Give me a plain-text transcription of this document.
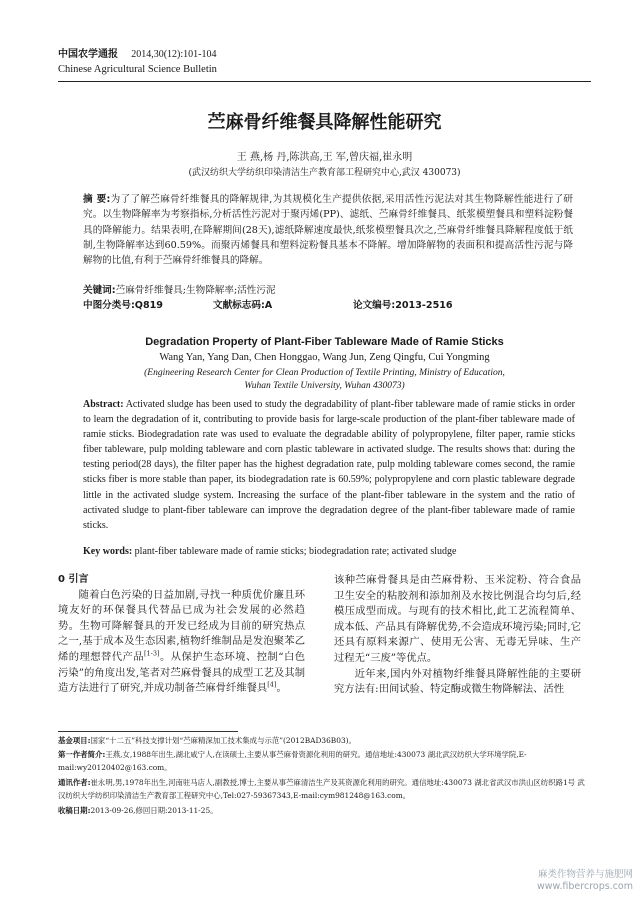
中国农学通报 2014,30(12):101-104
Chinese Agricultural Science Bulletin
苎麻骨纤维餐具降解性能研究
王 燕,杨 丹,陈洪高,王 军,曾庆福,崔永明
(武汉纺织大学纺织印染清洁生产教育部工程研究中心,武汉 430073)
摘 要:为了了解苎麻骨纤维餐具的降解规律,为其规模化生产提供依据,采用活性污泥法对其生物降解性能进行了研究。以生物降解率为考察指标,分析活性污泥对于聚丙烯(PP)、滤纸、苎麻骨纤维餐具、纸浆模塑餐具和塑料淀粉餐具的降解能力。结果表明,在降解期间(28天),滤纸降解速度最快,纸浆模塑餐具次之,苎麻骨纤维餐具降解程度低于纸制,生物降解率达到60.59%。而聚丙烯餐具和塑料淀粉餐具基本不降解。增加降解物的表面积和提高活性污泥与降解物的比值,有利于苎麻骨纤维餐具的降解。
关键词:苎麻骨纤维餐具;生物降解率;活性污泥
中图分类号:Q819	文献标志码:A	论文编号:2013-2516
Degradation Property of Plant-Fiber Tableware Made of Ramie Sticks
Wang Yan, Yang Dan, Chen Honggao, Wang Jun, Zeng Qingfu, Cui Yongming
(Engineering Research Center for Clean Production of Textile Printing, Ministry of Education,
Wuhan Textile University, Wuhan 430073)
Abstract: Activated sludge has been used to study the degradability of plant-fiber tableware made of ramie sticks in order to learn the degradation of it, contributing to provide basis for large-scale production of the plant-fiber tableware made of ramie sticks. Biodegradation rate was used to evaluate the degradable ability of polypropylene, filter paper, ramie sticks fiber tableware, pulp molding tableware and corn plastic tableware in activated sludge. The results shows that: during the testing period(28 days), the filter paper has the highest degradation rate, pulp molding tableware comes second, the ramie sticks fiber is more stable than paper, its biodegradation rate is 60.59%; polypropylene and corn plastic tableware degrade little in the activated sludge system. Increasing the surface of the plant-fiber tableware in the system and the ratio of activated sludge to plant-fiber tableware can improve the degradation degree of the plant-fiber tableware made of ramie sticks.
Key words: plant-fiber tableware made of ramie sticks; biodegradation rate; activated sludge
0 引言

随着白色污染的日益加剧,寻找一种质优价廉且环境友好的环保餐具代替品已成为社会发展的必然趋势。生物可降解餐具的开发已经成为目前的研究热点之一,基于成本及生态因素,植物纤维制品是发泡聚苯乙烯的理想替代产品[1-3]。从保护生态环境、控制“白色污染”的角度出发,笔者对苎麻骨餐具的成型工艺及其制造方法进行了研究,并成功制备苎麻骨纤维餐具[4]。

该种苎麻骨餐具是由苎麻骨粉、玉米淀粉、符合食品卫生安全的粘胶剂和添加剂及水按比例混合均匀后,经模压成型而成。与现有的技术相比,此工艺流程简单、成本低、产品具有降解优势,不会造成环境污染;同时,它还具有原料来源广、使用无公害、无毒无异味、生产过程无“三废”等优点。

近年来,国内外对植物纤维餐具降解性能的主要研究方法有:田间试验、特定酶或微生物降解法、活性

基金项目:国家“十二五”科技支撑计划“苎麻精深加工技术集成与示范”(2012BAD36B03)。
第一作者简介:王燕,女,1988年出生,湖北咸宁人,在读硕士,主要从事苎麻骨资源化利用的研究。通信地址:430073 湖北武汉纺织大学环境学院,E-mail:wy20120402@163.com。
通讯作者:崔永明,男,1978年出生,河南驻马店人,副教授,博士,主要从事苎麻清洁生产及其资源化利用的研究。通信地址:430073 湖北省武汉市洪山区纺织路1号 武汉纺织大学纺织印染清洁生产教育部工程研究中心,Tel:027-59367343,E-mail:cym981248@163.com。
收稿日期:2013-09-26,修回日期:2013-11-25。
麻类作物营养与施肥网
www.fibercrops.com
